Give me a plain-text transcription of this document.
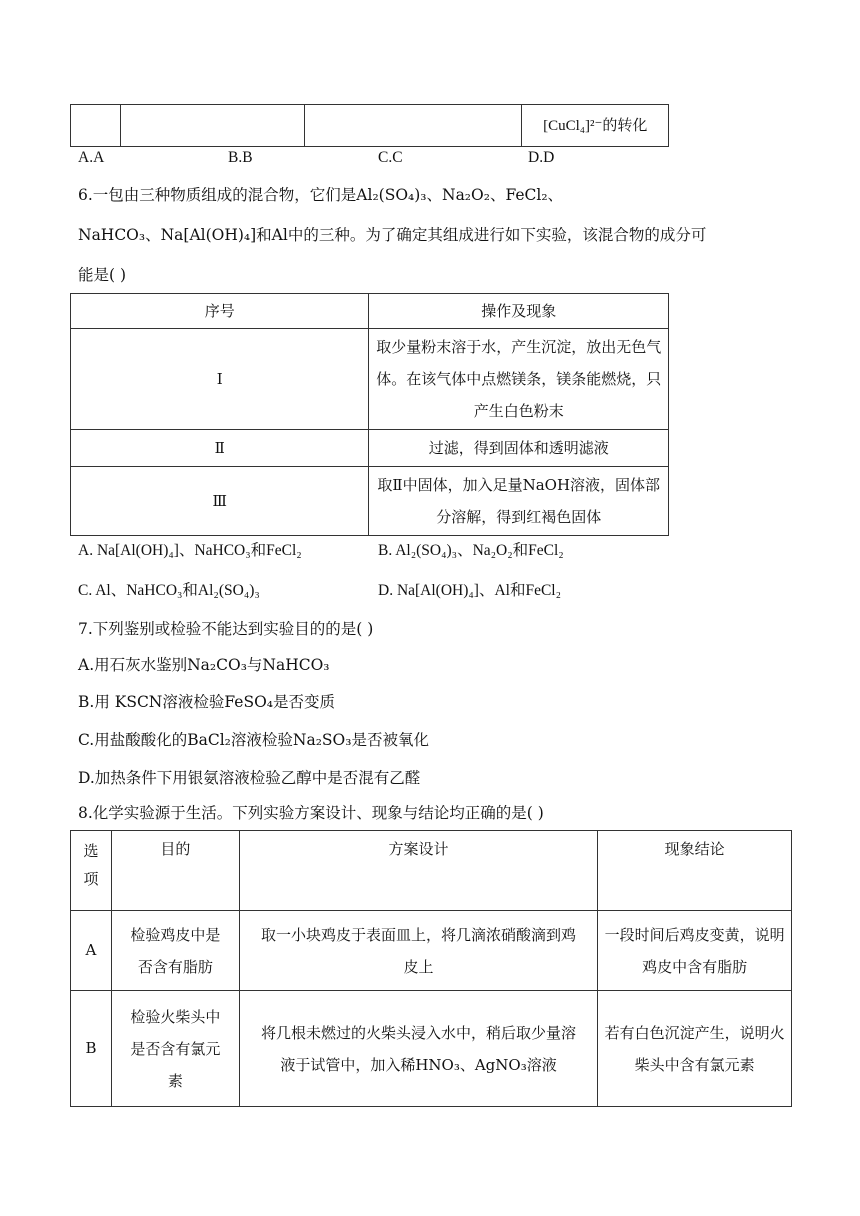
			[CuCl₄]²⁻的转化
A.A	B.B	C.C	D.D
6.一包由三种物质组成的混合物，它们是Al₂(SO₄)₃、Na₂O₂、FeCl₂、
NaHCO₃、Na[Al(OH)₄]和Al中的三种。为了确定其组成进行如下实验，该混合物的成分可
能是( )
序号	操作及现象
Ⅰ	取少量粉末溶于水，产生沉淀，放出无色气体。在该气体中点燃镁条，镁条能燃烧，只产生白色粉末

Ⅱ	过滤，得到固体和透明滤液

Ⅲ	取Ⅱ中固体，加入足量NaOH溶液，固体部分溶解，得到红褐色固体
A. Na[Al(OH)₄]、NaHCO₃和FeCl₂	B. Al₂(SO₄)₃、Na₂O₂和FeCl₂
C. Al、NaHCO₃和Al₂(SO₄)₃	D. Na[Al(OH)₄]、Al和FeCl₂
7.下列鉴别或检验不能达到实验目的的是( )
A.用石灰水鉴别Na₂CO₃与NaHCO₃
B.用 KSCN溶液检验FeSO₄是否变质
C.用盐酸酸化的BaCl₂溶液检验Na₂SO₃是否被氧化
D.加热条件下用银氨溶液检验乙醇中是否混有乙醛
8.化学实验源于生活。下列实验方案设计、现象与结论均正确的是( )
选项	目的	方案设计	现象结论
A	检验鸡皮中是否含有脂肪	取一小块鸡皮于表面皿上，将几滴浓硝酸滴到鸡皮上	一段时间后鸡皮变黄，说明鸡皮中含有脂肪

B	检验火柴头中是否含有氯元素	将几根未燃过的火柴头浸入水中，稍后取少量溶液于试管中，加入稀HNO₃、AgNO₃溶液	若有白色沉淀产生，说明火柴头中含有氯元素
